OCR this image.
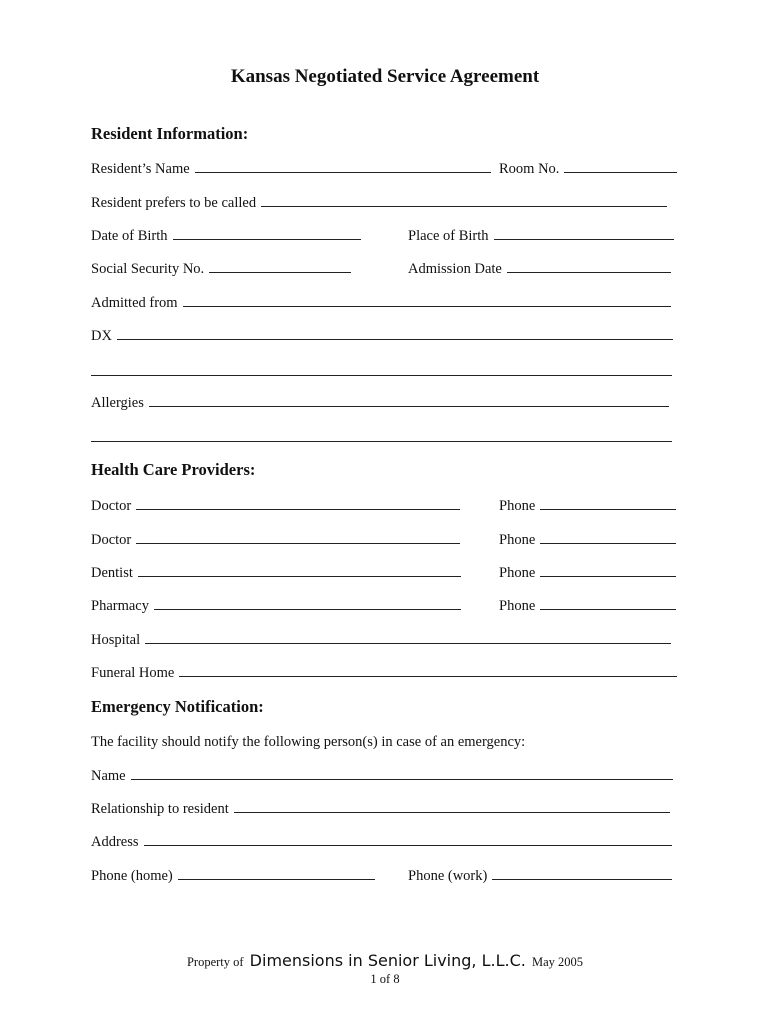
Kansas Negotiated Service Agreement
Resident Information:
Resident’s Name	Room No.
Resident prefers to be called
Date of Birth	Place of Birth
Social Security No.	Admission Date
Admitted from
DX
Allergies
Health Care Providers:
Doctor	Phone
Doctor	Phone
Dentist	Phone
Pharmacy	Phone
Hospital
Funeral Home
Emergency Notification:
The facility should notify the following person(s) in case of an emergency:
Name
Relationship to resident
Address
Phone (home)	Phone (work)
Property of Dimensions in Senior Living, L.L.C. May 2005
1 of 8
